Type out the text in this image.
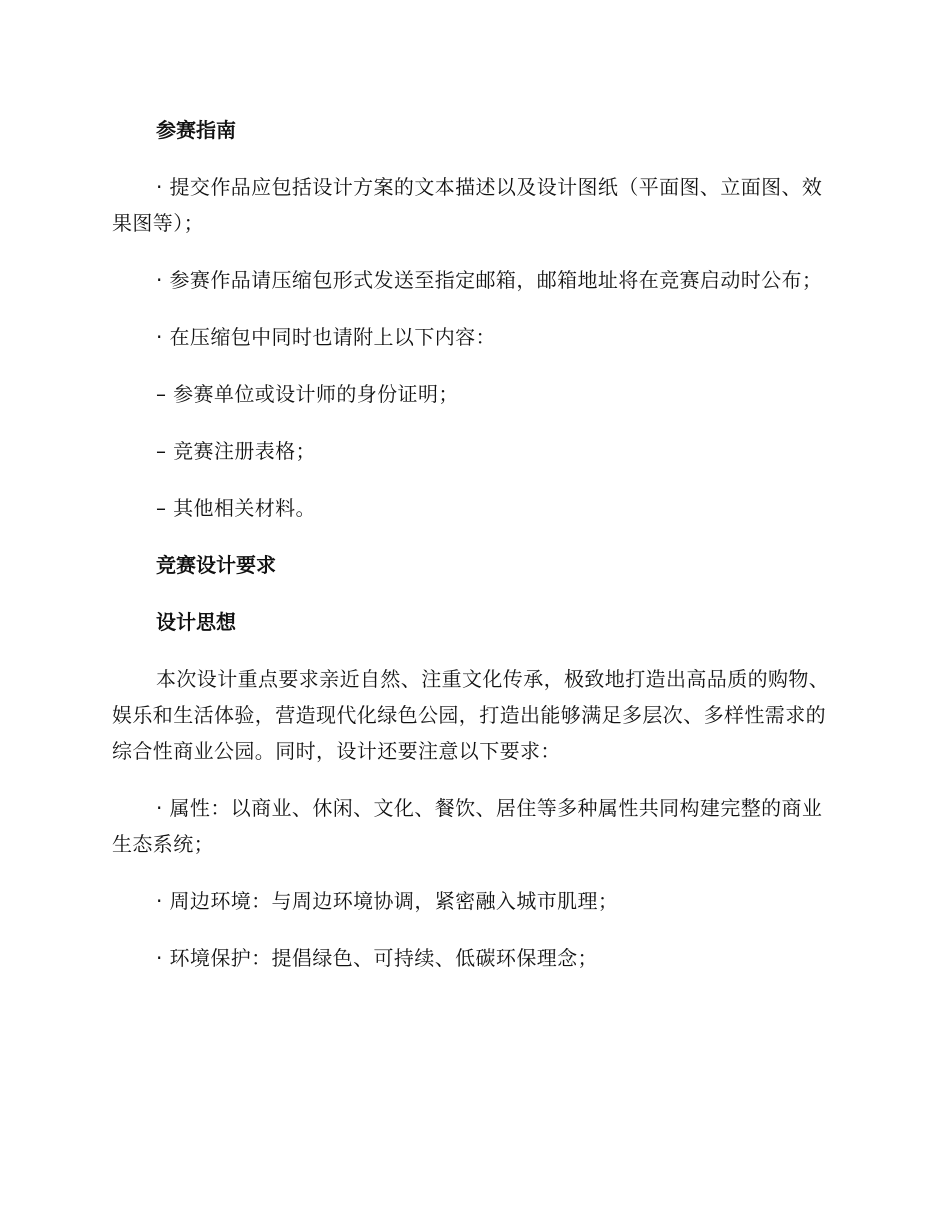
参赛指南
· 提交作品应包括设计方案的文本描述以及设计图纸（平面图、立面图、效果图等）；
· 参赛作品请压缩包形式发送至指定邮箱，邮箱地址将在竞赛启动时公布；
· 在压缩包中同时也请附上以下内容：
– 参赛单位或设计师的身份证明；
– 竞赛注册表格；
– 其他相关材料。
竞赛设计要求
设计思想
本次设计重点要求亲近自然、注重文化传承，极致地打造出高品质的购物、娱乐和生活体验，营造现代化绿色公园，打造出能够满足多层次、多样性需求的综合性商业公园。同时，设计还要注意以下要求：
· 属性：以商业、休闲、文化、餐饮、居住等多种属性共同构建完整的商业生态系统；
· 周边环境：与周边环境协调，紧密融入城市肌理；
· 环境保护：提倡绿色、可持续、低碳环保理念；
